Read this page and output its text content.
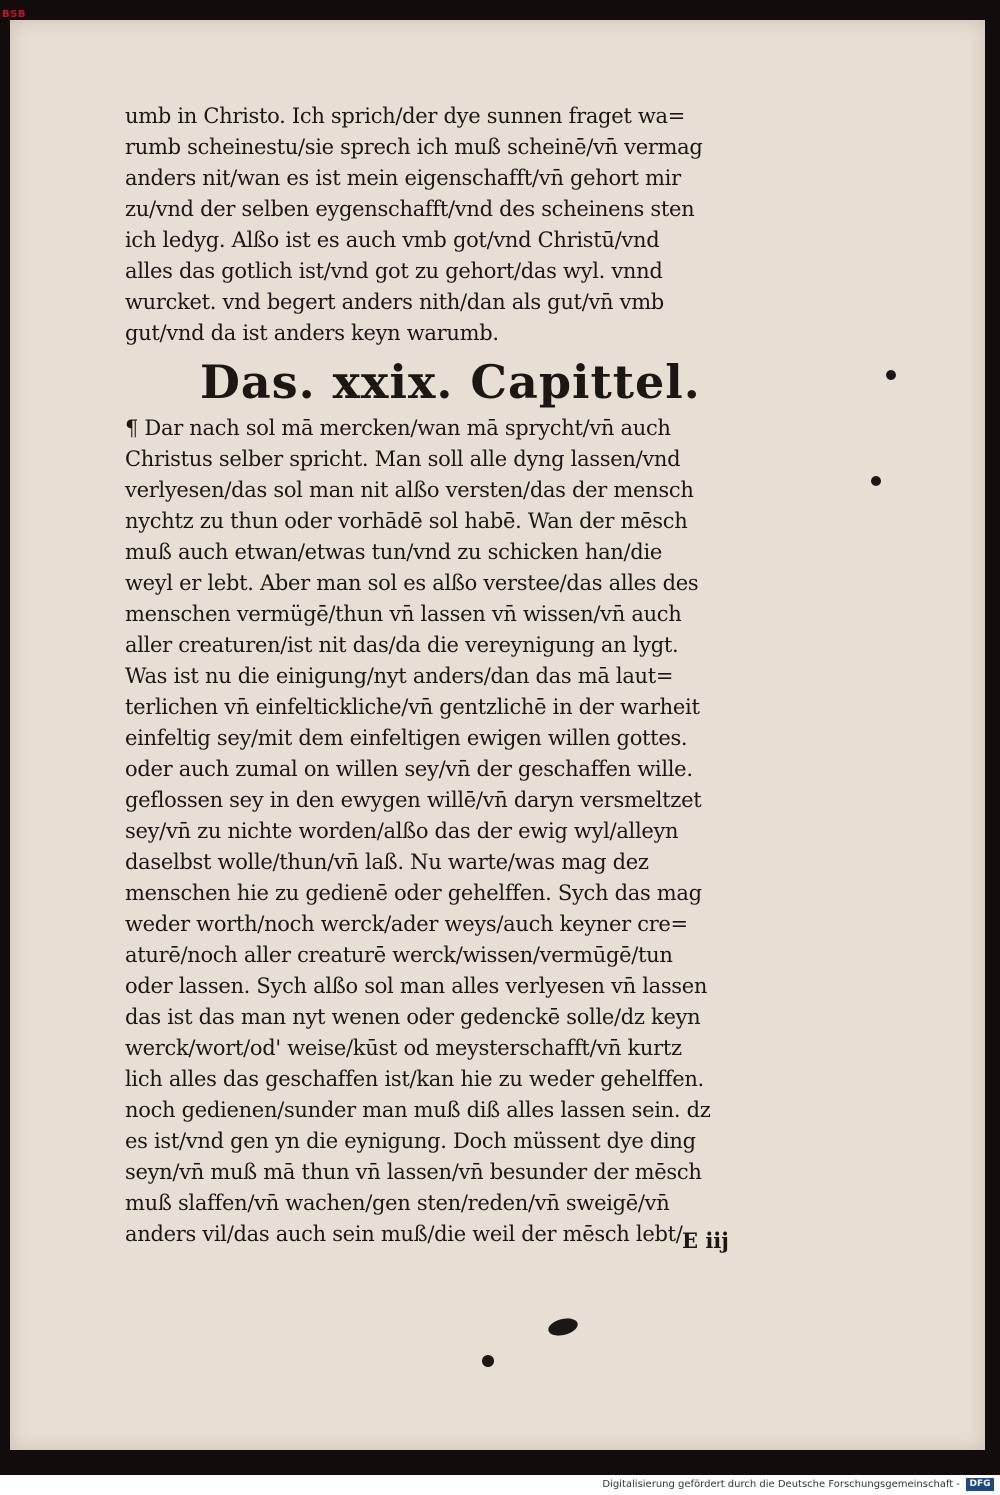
BSB
umb in Christo. Ich sprich/der dye sunnen fraget wa=
rumb scheinestu/sie sprech ich muß scheinē/vn̄ vermag
anders nit/wan es ist mein eigenschafft/vn̄ gehort mir
zu/vnd der selben eygenschafft/vnd des scheinens sten
ich ledyg. Alßo ist es auch vmb got/vnd Christū/vnd
alles das gotlich ist/vnd got zu gehort/das wyl. vnnd
wurcket. vnd begert anders nith/dan als gut/vn̄ vmb
gut/vnd da ist anders keyn warumb.
Das. xxix. Capittel.
¶ Dar nach sol mā mercken/wan mā sprycht/vn̄ auch
Christus selber spricht. Man soll alle dyng lassen/vnd
verlyesen/das sol man nit alßo versten/das der mensch
nychtz zu thun oder vorhādē sol habē. Wan der mēsch
muß auch etwan/etwas tun/vnd zu schicken han/die
weyl er lebt. Aber man sol es alßo verstee/das alles des
menschen vermügē/thun vn̄ lassen vn̄ wissen/vn̄ auch
aller creaturen/ist nit das/da die vereynigung an lygt.
Was ist nu die einigung/nyt anders/dan das mā laut=
terlichen vn̄ einfeltickliche/vn̄ gentzlichē in der warheit
einfeltig sey/mit dem einfeltigen ewigen willen gottes.
oder auch zumal on willen sey/vn̄ der geschaffen wille.
geflossen sey in den ewygen willē/vn̄ daryn versmeltzet
sey/vn̄ zu nichte worden/alßo das der ewig wyl/alleyn
daselbst wolle/thun/vn̄ laß. Nu warte/was mag dez
menschen hie zu gedienē oder gehelffen. Sych das mag
weder worth/noch werck/ader weys/auch keyner cre=
aturē/noch aller creaturē werck/wissen/vermūgē/tun
oder lassen. Sych alßo sol man alles verlyesen vn̄ lassen
das ist das man nyt wenen oder gedenckē solle/dz keyn
werck/wort/od' weise/kūst od meysterschafft/vn̄ kurtz
lich alles das geschaffen ist/kan hie zu weder gehelffen.
noch gedienen/sunder man muß diß alles lassen sein. dz
es ist/vnd gen yn die eynigung. Doch müssent dye ding
seyn/vn̄ muß mā thun vn̄ lassen/vn̄ besunder der mēsch
muß slaffen/vn̄ wachen/gen sten/reden/vn̄ sweigē/vn̄
anders vil/das auch sein muß/die weil der mēsch lebt/ E iij
Digitalisierung gefördert durch die Deutsche Forschungsgemeinschaft -	DFG
